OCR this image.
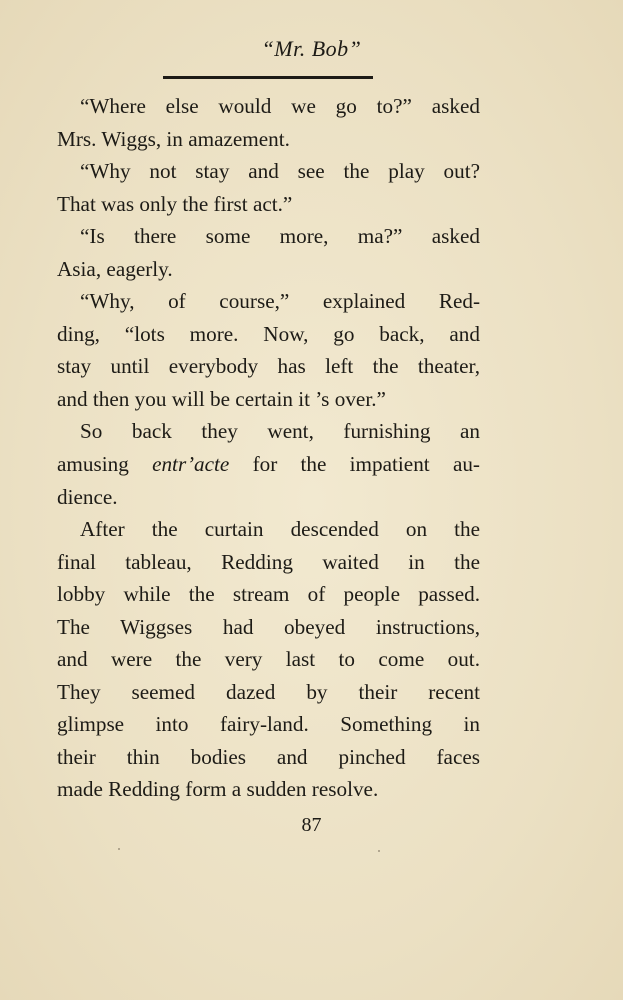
“Mr. Bob”
“Where else would we go to?” asked
Mrs. Wiggs, in amazement.
“Why not stay and see the play out?
That was only the first act.”
“Is there some more, ma?” asked
Asia, eagerly.
“Why, of course,” explained Red-
ding, “lots more. Now, go back, and
stay until everybody has left the theater,
and then you will be certain it ’s over.”
So back they went, furnishing an
amusing entr’acte for the impatient au-
dience.
After the curtain descended on the
final tableau, Redding waited in the
lobby while the stream of people passed.
The Wiggses had obeyed instructions,
and were the very last to come out.
They seemed dazed by their recent
glimpse into fairy-land. Something in
their thin bodies and pinched faces
made Redding form a sudden resolve.
87
